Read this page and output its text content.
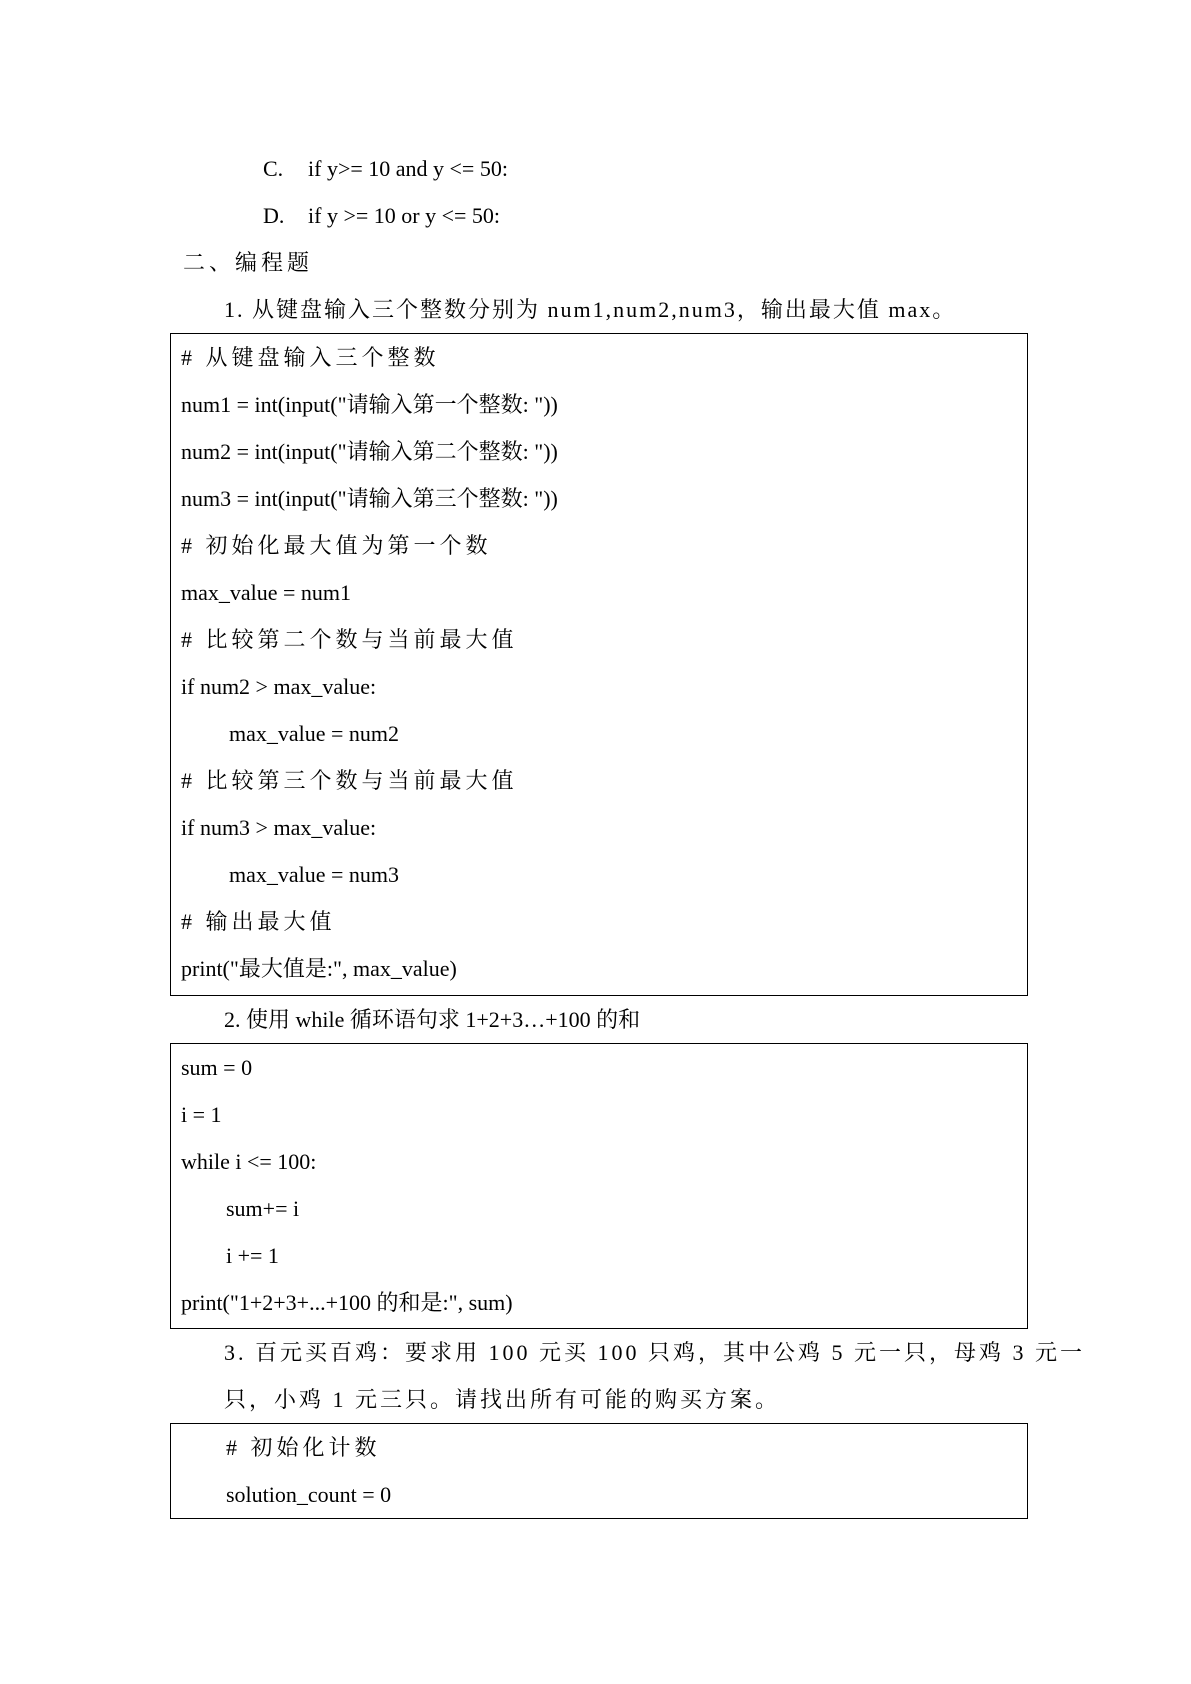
C. if y>= 10 and y <= 50:
D. if y >= 10 or y <= 50:
二、编程题
1. 从键盘输入三个整数分别为 num1,num2,num3，输出最大值 max。
# 从键盘输入三个整数
num1 = int(input("请输入第一个整数: "))
num2 = int(input("请输入第二个整数: "))
num3 = int(input("请输入第三个整数: "))
# 初始化最大值为第一个数
max_value = num1
# 比较第二个数与当前最大值
if num2 > max_value:
max_value = num2
# 比较第三个数与当前最大值
if num3 > max_value:
max_value = num3
# 输出最大值
print("最大值是:", max_value)
2. 使用 while 循环语句求 1+2+3…+100 的和
sum = 0
i = 1
while i <= 100:
sum+= i
i += 1
print("1+2+3+...+100 的和是:", sum)
3. 百元买百鸡：要求用 100 元买 100 只鸡，其中公鸡 5 元一只，母鸡 3 元一
只，小鸡 1 元三只。请找出所有可能的购买方案。
# 初始化计数
solution_count = 0
